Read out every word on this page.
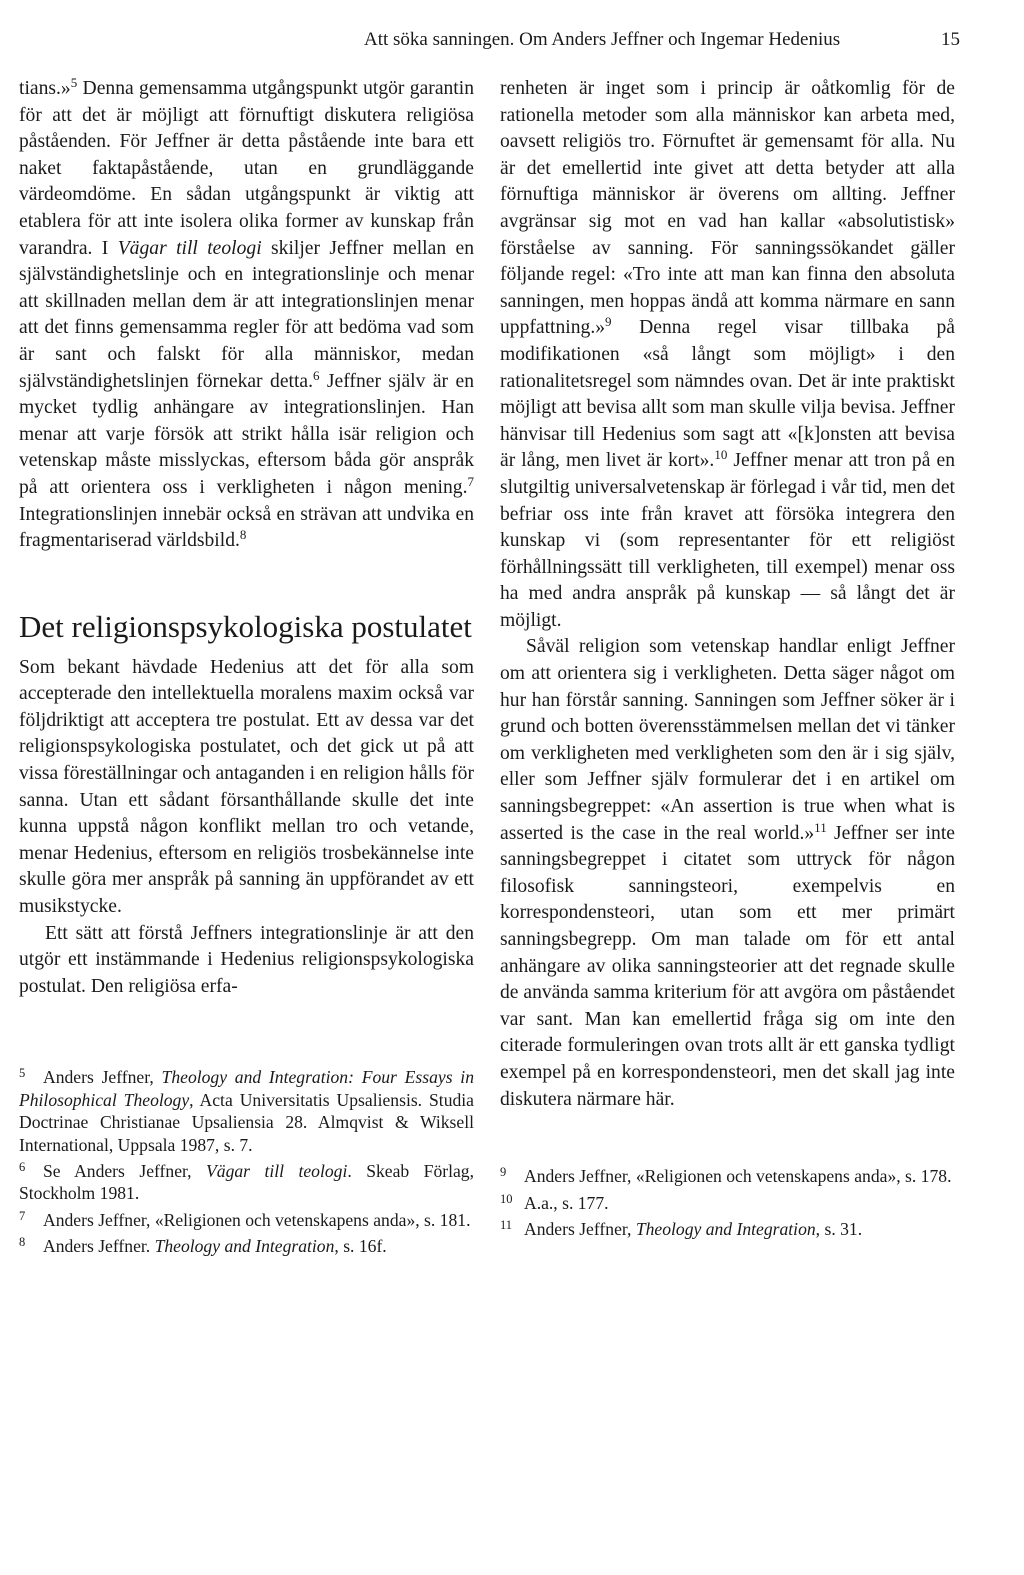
Att söka sanningen. Om Anders Jeffner och Ingemar Hedenius	15

tians.»$^5$ Denna gemensamma utgångspunkt utgör garantin för att det är möjligt att förnuftigt diskutera religiösa påståenden. För Jeffner är detta påstående inte bara ett naket faktapåstående, utan en grundläggande värdeomdöme. En sådan utgångspunkt är viktig att etablera för att inte isolera olika former av kunskap från varandra. I Vägar till teologi skiljer Jeffner mellan en självständighetslinje och en integrationslinje och menar att skillnaden mellan dem är att integrationslinjen menar att det finns gemensamma regler för att bedöma vad som är sant och falskt för alla människor, medan självständighetslinjen förnekar detta.$^6$ Jeffner själv är en mycket tydlig anhängare av integrationslinjen. Han menar att varje försök att strikt hålla isär religion och vetenskap måste misslyckas, eftersom båda gör anspråk på att orientera oss i verkligheten i någon mening.$^7$ Integrationslinjen innebär också en strävan att undvika en fragmentariserad världsbild.$^8$

Det religionspsykologiska postulatet

Som bekant hävdade Hedenius att det för alla som accepterade den intellektuella moralens maxim också var följdriktigt att acceptera tre postulat. Ett av dessa var det religionspsykologiska postulatet, och det gick ut på att vissa föreställningar och antaganden i en religion hålls för sanna. Utan ett sådant försanthållande skulle det inte kunna uppstå någon konflikt mellan tro och vetande, menar Hedenius, eftersom en religiös trosbekännelse inte skulle göra mer anspråk på sanning än uppförandet av ett musikstycke.

Ett sätt att förstå Jeffners integrationslinje är att den utgör ett instämmande i Hedenius religionspsykologiska postulat. Den religiösa erfa-

5 Anders Jeffner, Theology and Integration: Four Essays in Philosophical Theology, Acta Universitatis Upsaliensis. Studia Doctrinae Christianae Upsaliensia 28. Almqvist & Wiksell International, Uppsala 1987, s. 7.

6 Se Anders Jeffner, Vägar till teologi. Skeab Förlag, Stockholm 1981.

7 Anders Jeffner, «Religionen och vetenskapens anda», s. 181.

8 Anders Jeffner. Theology and Integration, s. 16f.

renheten är inget som i princip är oåtkomlig för de rationella metoder som alla människor kan arbeta med, oavsett religiös tro. Förnuftet är gemensamt för alla. Nu är det emellertid inte givet att detta betyder att alla förnuftiga människor är överens om allting. Jeffner avgränsar sig mot en vad han kallar «absolutistisk» förståelse av sanning. För sanningssökandet gäller följande regel: «Tro inte att man kan finna den absoluta sanningen, men hoppas ändå att komma närmare en sann uppfattning.»$^9$ Denna regel visar tillbaka på modifikationen «så långt som möjligt» i den rationalitetsregel som nämndes ovan. Det är inte praktiskt möjligt att bevisa allt som man skulle vilja bevisa. Jeffner hänvisar till Hedenius som sagt att «[k]onsten att bevisa är lång, men livet är kort».$^{10}$ Jeffner menar att tron på en slutgiltig universalvetenskap är förlegad i vår tid, men det befriar oss inte från kravet att försöka integrera den kunskap vi (som representanter för ett religiöst förhållningssätt till verkligheten, till exempel) menar oss ha med andra anspråk på kunskap — så långt det är möjligt.

Såväl religion som vetenskap handlar enligt Jeffner om att orientera sig i verkligheten. Detta säger något om hur han förstår sanning. Sanningen som Jeffner söker är i grund och botten överensstämmelsen mellan det vi tänker om verkligheten med verkligheten som den är i sig själv, eller som Jeffner själv formulerar det i en artikel om sanningsbegreppet: «An assertion is true when what is asserted is the case in the real world.»$^{11}$ Jeffner ser inte sanningsbegreppet i citatet som uttryck för någon filosofisk sanningsteori, exempelvis en korrespondensteori, utan som ett mer primärt sanningsbegrepp. Om man talade om för ett antal anhängare av olika sanningsteorier att det regnade skulle de använda samma kriterium för att avgöra om påståendet var sant. Man kan emellertid fråga sig om inte den citerade formuleringen ovan trots allt är ett ganska tydligt exempel på en korrespondensteori, men det skall jag inte diskutera närmare här.

9 Anders Jeffner, «Religionen och vetenskapens anda», s. 178.

10 A.a., s. 177.

11 Anders Jeffner, Theology and Integration, s. 31.
